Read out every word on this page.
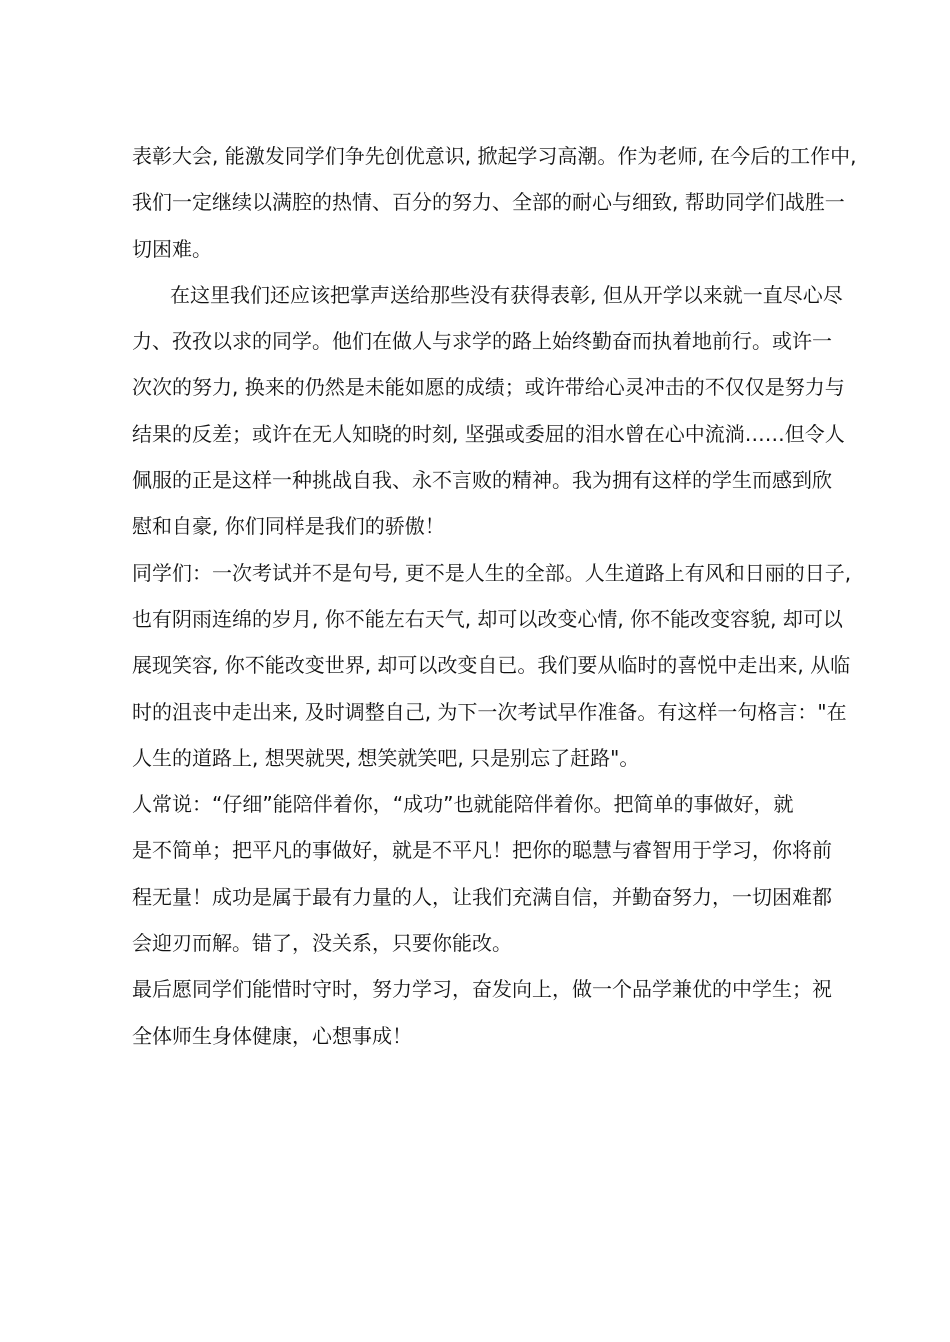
表彰大会, 能激发同学们争先创优意识, 掀起学习高潮。作为老师, 在今后的工作中,
我们一定继续以满腔的热情、百分的努力、全部的耐心与细致, 帮助同学们战胜一
切困难。
在这里我们还应该把掌声送给那些没有获得表彰, 但从开学以来就一直尽心尽
力、孜孜以求的同学。他们在做人与求学的路上始终勤奋而执着地前行。或许一
次次的努力, 换来的仍然是未能如愿的成绩；或许带给心灵冲击的不仅仅是努力与
结果的反差；或许在无人知晓的时刻, 坚强或委屈的泪水曾在心中流淌……但令人
佩服的正是这样一种挑战自我、永不言败的精神。我为拥有这样的学生而感到欣
慰和自豪, 你们同样是我们的骄傲！
同学们：一次考试并不是句号, 更不是人生的全部。人生道路上有风和日丽的日子,
也有阴雨连绵的岁月, 你不能左右天气, 却可以改变心情, 你不能改变容貌, 却可以
展现笑容, 你不能改变世界, 却可以改变自已。我们要从临时的喜悦中走出来, 从临
时的沮丧中走出来, 及时调整自己, 为下一次考试早作准备。有这样一句格言："在
人生的道路上, 想哭就哭, 想笑就笑吧, 只是别忘了赶路"。
人常说：“仔细”能陪伴着你，“成功”也就能陪伴着你。把简单的事做好，就
是不简单；把平凡的事做好，就是不平凡！把你的聪慧与睿智用于学习，你将前
程无量！成功是属于最有力量的人，让我们充满自信，并勤奋努力，一切困难都
会迎刃而解。错了，没关系，只要你能改。
最后愿同学们能惜时守时，努力学习，奋发向上，做一个品学兼优的中学生；祝
全体师生身体健康，心想事成！
